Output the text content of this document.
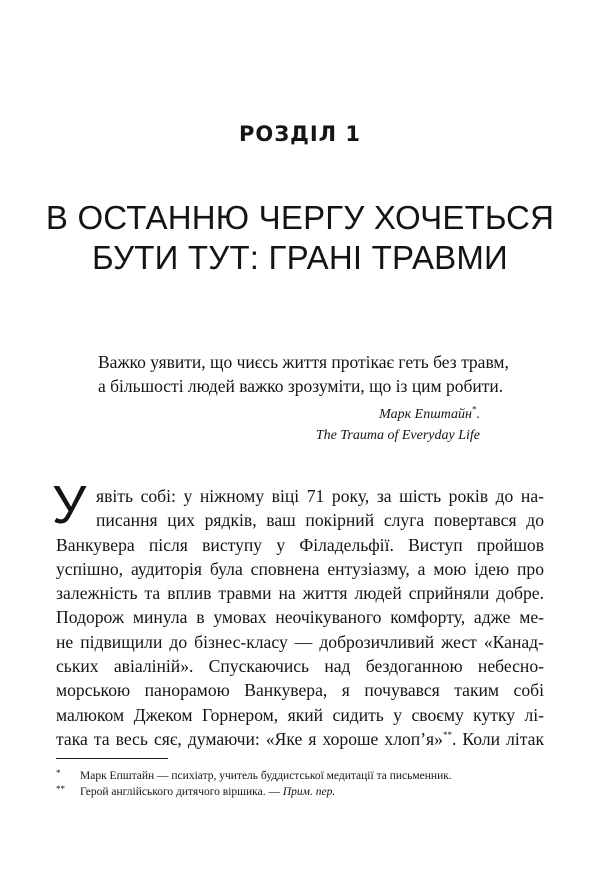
РОЗДІЛ 1
В ОСТАННЮ ЧЕРГУ ХОЧЕТЬСЯ
БУТИ ТУТ: ГРАНІ ТРАВМИ
Важко уявити, що чиєсь життя протікає геть без травм,
а більшості людей важко зрозуміти, що із цим робити.
Марк Епштайн*.
The Trauma of Everyday Life
У явіть собі: у ніжному віці 71 року, за шість років до на-
писання цих рядків, ваш покірний слуга повертався до
Ванкувера після виступу у Філадельфії. Виступ пройшов
успішно, аудиторія була сповнена ентузіазму, а мою ідею про
залежність та вплив травми на життя людей сприйняли добре.
Подорож минула в умовах неочікуваного комфорту, адже ме-
не підвищили до бізнес-класу — доброзичливий жест «Канад-
ських авіаліній». Спускаючись над бездоганною небесно-
морською панорамою Ванкувера, я почувався таким собі
малюком Джеком Горнером, який сидить у своєму кутку лі-
така та весь сяє, думаючи: «Яке я хороше хлоп’я»**. Коли літак
*	Марк Епштайн — психіатр, учитель буддистської медитації та письменник.
**	Герой англійського дитячого віршика. — Прим. пер.
